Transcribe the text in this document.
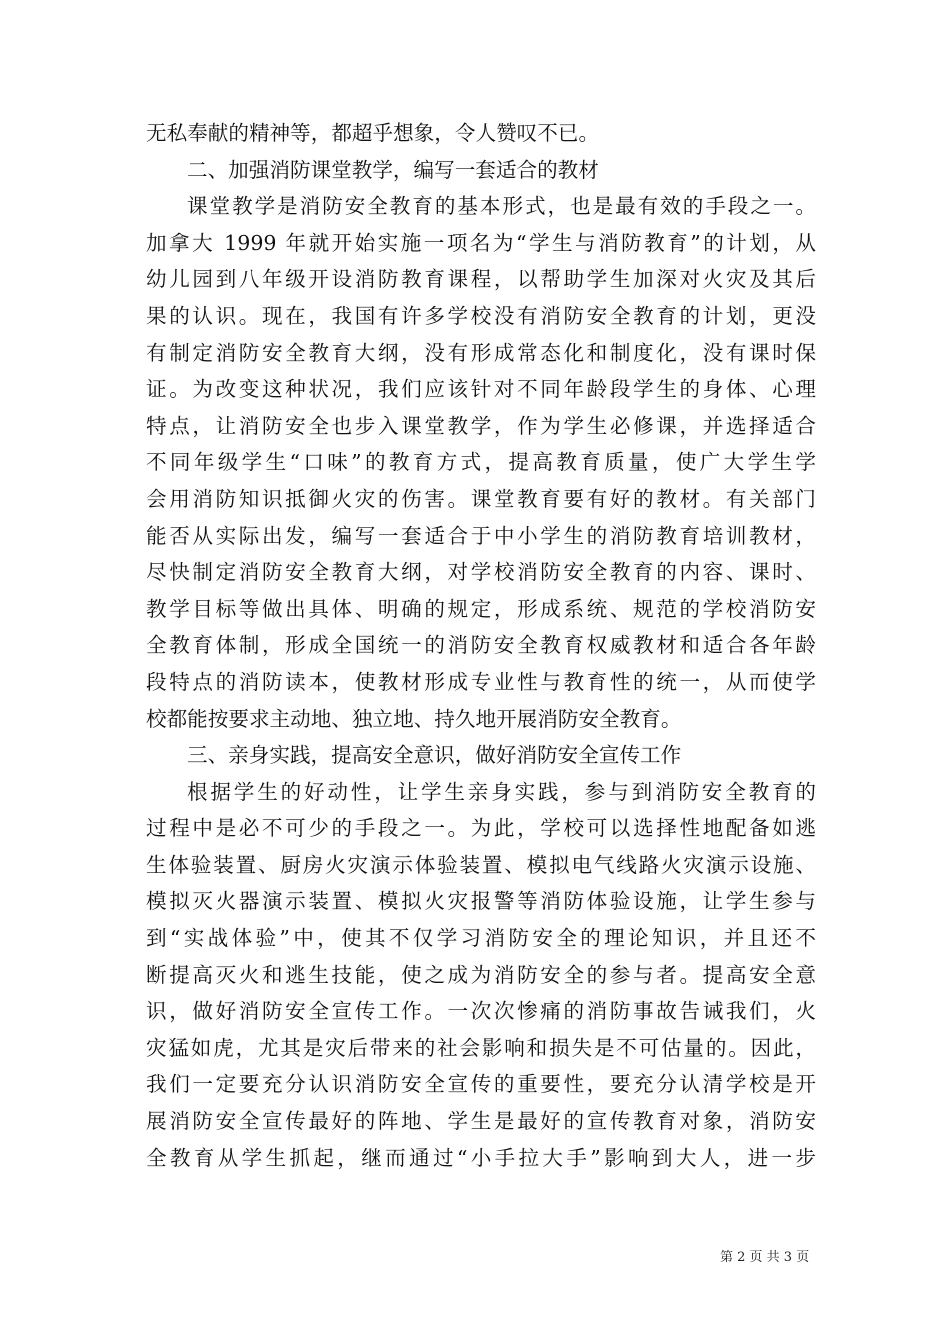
无私奉献的精神等，都超乎想象，令人赞叹不已。
二、加强消防课堂教学，编写一套适合的教材
课堂教学是消防安全教育的基本形式，也是最有效的手段之一。
加拿大 1999 年就开始实施一项名为“学生与消防教育”的计划，从
幼儿园到八年级开设消防教育课程，以帮助学生加深对火灾及其后
果的认识。现在，我国有许多学校没有消防安全教育的计划，更没
有制定消防安全教育大纲，没有形成常态化和制度化，没有课时保
证。为改变这种状况，我们应该针对不同年龄段学生的身体、心理
特点，让消防安全也步入课堂教学，作为学生必修课，并选择适合
不同年级学生“口味”的教育方式，提高教育质量，使广大学生学
会用消防知识抵御火灾的伤害。课堂教育要有好的教材。有关部门
能否从实际出发，编写一套适合于中小学生的消防教育培训教材，
尽快制定消防安全教育大纲，对学校消防安全教育的内容、课时、
教学目标等做出具体、明确的规定，形成系统、规范的学校消防安
全教育体制，形成全国统一的消防安全教育权威教材和适合各年龄
段特点的消防读本，使教材形成专业性与教育性的统一，从而使学
校都能按要求主动地、独立地、持久地开展消防安全教育。
三、亲身实践，提高安全意识，做好消防安全宣传工作
根据学生的好动性，让学生亲身实践，参与到消防安全教育的
过程中是必不可少的手段之一。为此，学校可以选择性地配备如逃
生体验装置、厨房火灾演示体验装置、模拟电气线路火灾演示设施、
模拟灭火器演示装置、模拟火灾报警等消防体验设施，让学生参与
到“实战体验”中，使其不仅学习消防安全的理论知识，并且还不
断提高灭火和逃生技能，使之成为消防安全的参与者。提高安全意
识，做好消防安全宣传工作。一次次惨痛的消防事故告诫我们，火
灾猛如虎，尤其是灾后带来的社会影响和损失是不可估量的。因此，
我们一定要充分认识消防安全宣传的重要性，要充分认清学校是开
展消防安全宣传最好的阵地、学生是最好的宣传教育对象，消防安
全教育从学生抓起，继而通过“小手拉大手”影响到大人，进一步
第 2 页 共 3 页
